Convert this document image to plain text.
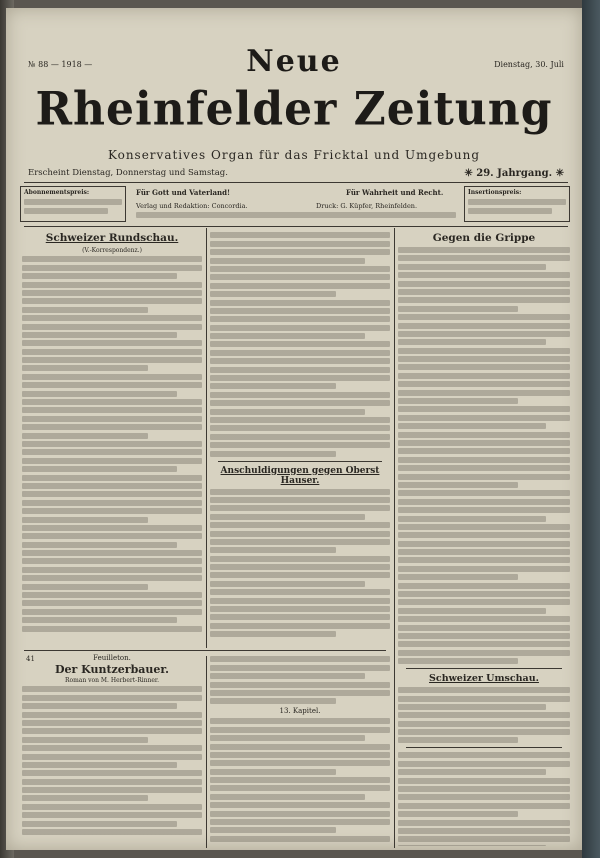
№ 88 — 1918 —	Dienstag, 30. Juli
Neue
Rheinfelder Zeitung
Konservatives Organ für das Fricktal und Umgebung
Erscheint Dienstag, Donnerstag und Samstag.	✳ 29. Jahrgang. ✳
Abonnementspreis:	Insertionspreis:
Für Gott und Vaterland!	Für Wahrheit und Recht.
Verlag und Redaktion: Concordia.	Druck: G. Küpfer, Rheinfelden.
Schweizer Rundschau.
(V.-Korrespondenz.)
Anschuldigungen gegen Oberst Hauser.
Gegen die Grippe
Schweizer Umschau.
41	Feuilleton.
Der Kuntzerbauer.
Roman von M. Herbert-Rinner.
13. Kapitel.
